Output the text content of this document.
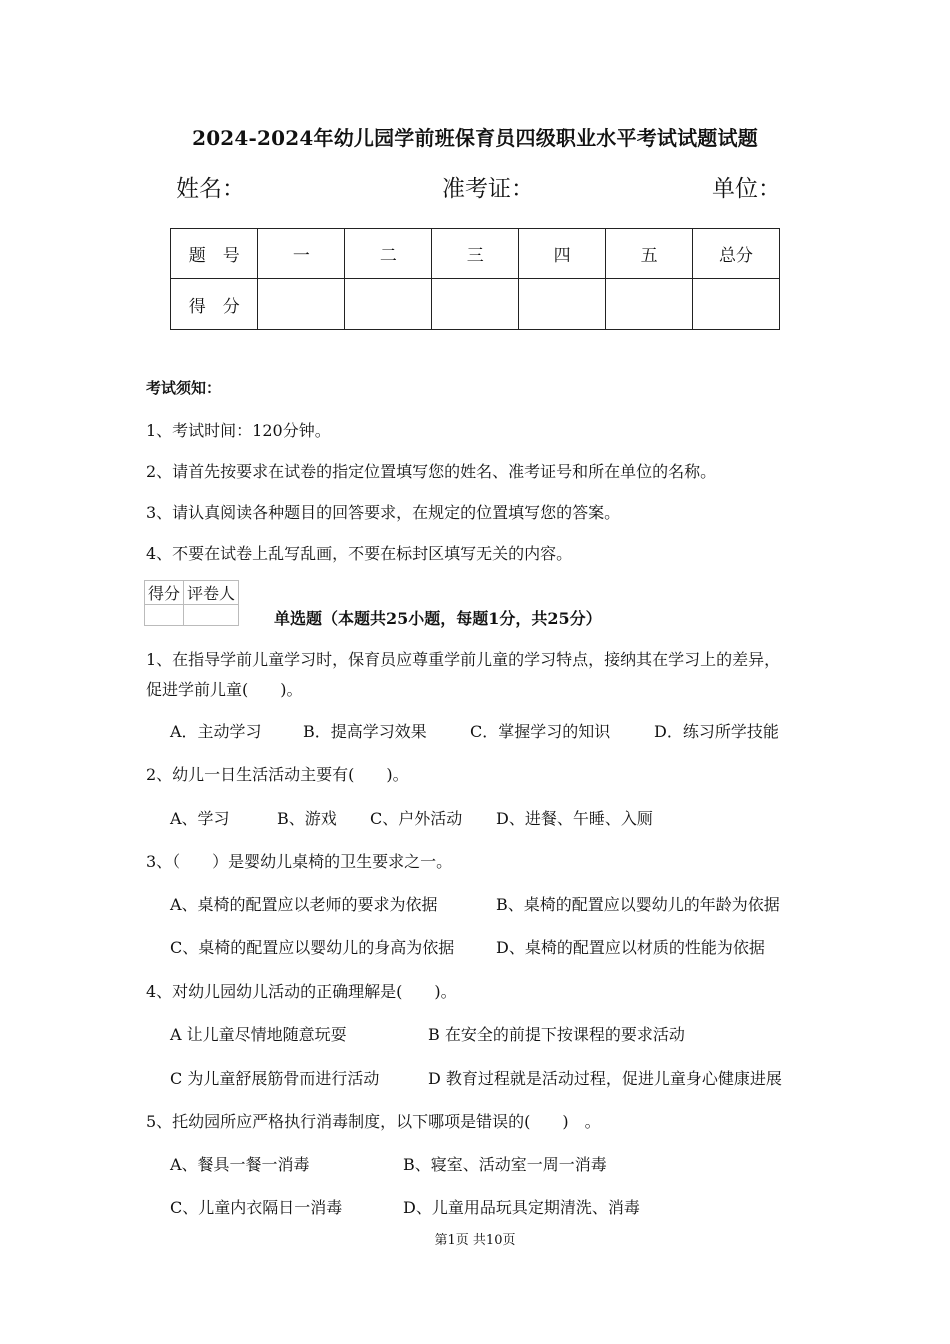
2024-2024年幼儿园学前班保育员四级职业水平考试试题试题
姓名：	准考证：	单位：
题　号	一	二	三	四	五	总分
得　分						
考试须知：
1、考试时间：120分钟。
2、请首先按要求在试卷的指定位置填写您的姓名、准考证号和所在单位的名称。
3、请认真阅读各种题目的回答要求，在规定的位置填写您的答案。
4、不要在试卷上乱写乱画，不要在标封区填写无关的内容。
得分	评卷人

单选题（本题共25小题，每题1分，共25分）
1、在指导学前儿童学习时，保育员应尊重学前儿童的学习特点，接纳其在学习上的差异，
促进学前儿童(　　)。
A．主动学习	B．提高学习效果	C．掌握学习的知识	D．练习所学技能
2、幼儿一日生活活动主要有(　　)。
A、学习	B、游戏 C、户外活动 D、进餐、午睡、入厕
3、（　　）是婴幼儿桌椅的卫生要求之一。
A、桌椅的配置应以老师的要求为依据	B、桌椅的配置应以婴幼儿的年龄为依据
C、桌椅的配置应以婴幼儿的身高为依据	D、桌椅的配置应以材质的性能为依据
4、对幼儿园幼儿活动的正确理解是(　　)。
A 让儿童尽情地随意玩耍	B 在安全的前提下按课程的要求活动
C 为儿童舒展筋骨而进行活动	D 教育过程就是活动过程，促进儿童身心健康进展
5、托幼园所应严格执行消毒制度，以下哪项是错误的(　　)　。
A、餐具一餐一消毒	B、寝室、活动室一周一消毒
C、儿童内衣隔日一消毒	D、儿童用品玩具定期清洗、消毒
第1页 共10页
